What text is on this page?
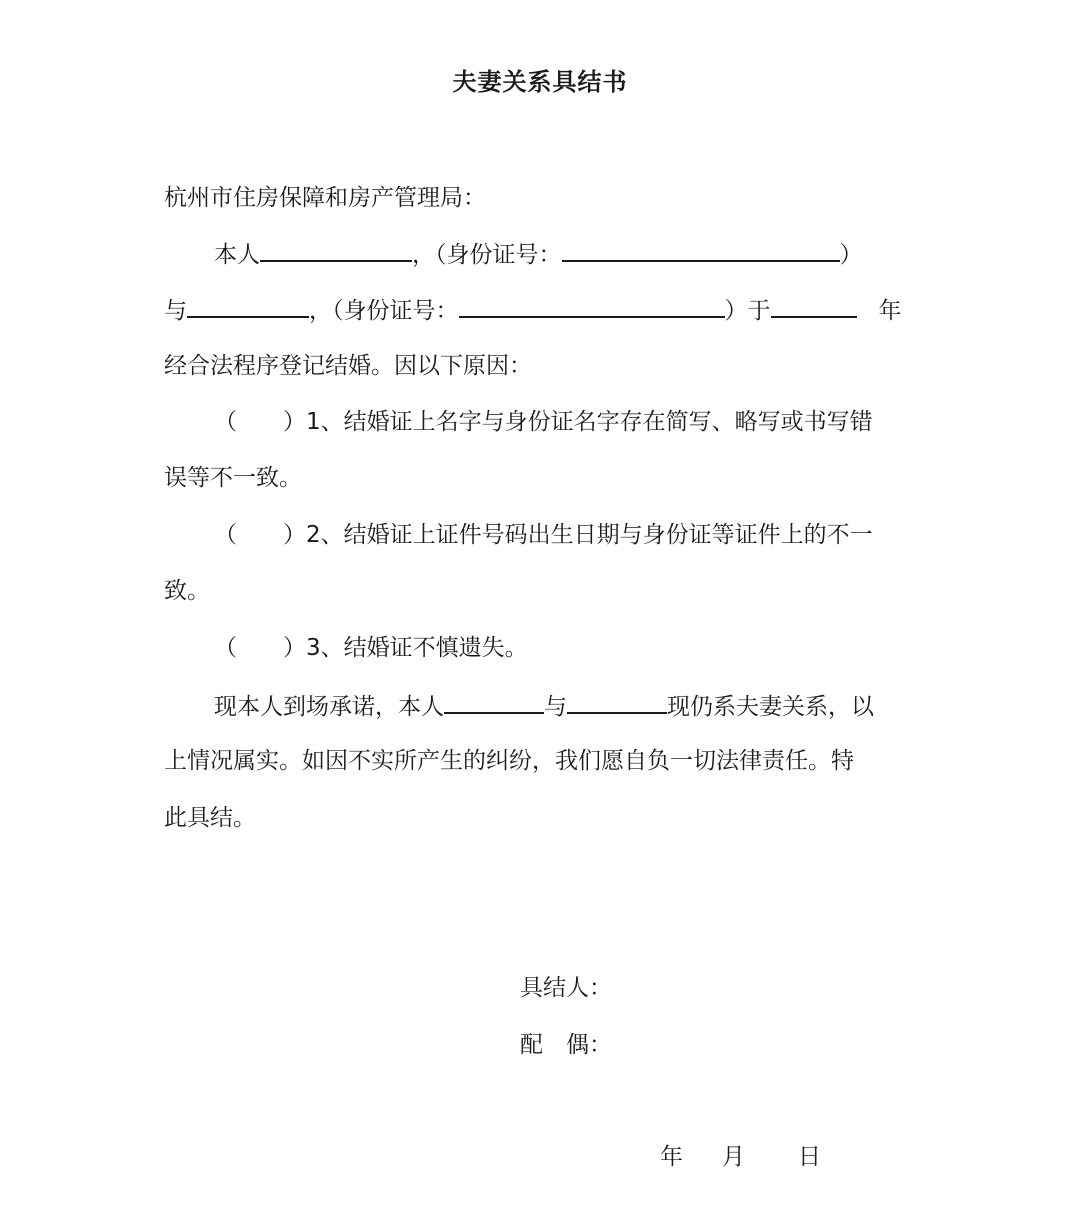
夫妻关系具结书
杭州市住房保障和房产管理局：
本人	，（身份证号：	）
与	，（身份证号：	）于	年
经合法程序登记结婚。因以下原因：
（　　）1、结婚证上名字与身份证名字存在简写、略写或书写错
误等不一致。
（　　）2、结婚证上证件号码出生日期与身份证等证件上的不一
致。
（　　）3、结婚证不慎遗失。
现本人到场承诺，本人	与	现仍系夫妻关系，以
上情况属实。如因不实所产生的纠纷，我们愿自负一切法律责任。特
此具结。
具结人：
配　偶：
年 月 日
